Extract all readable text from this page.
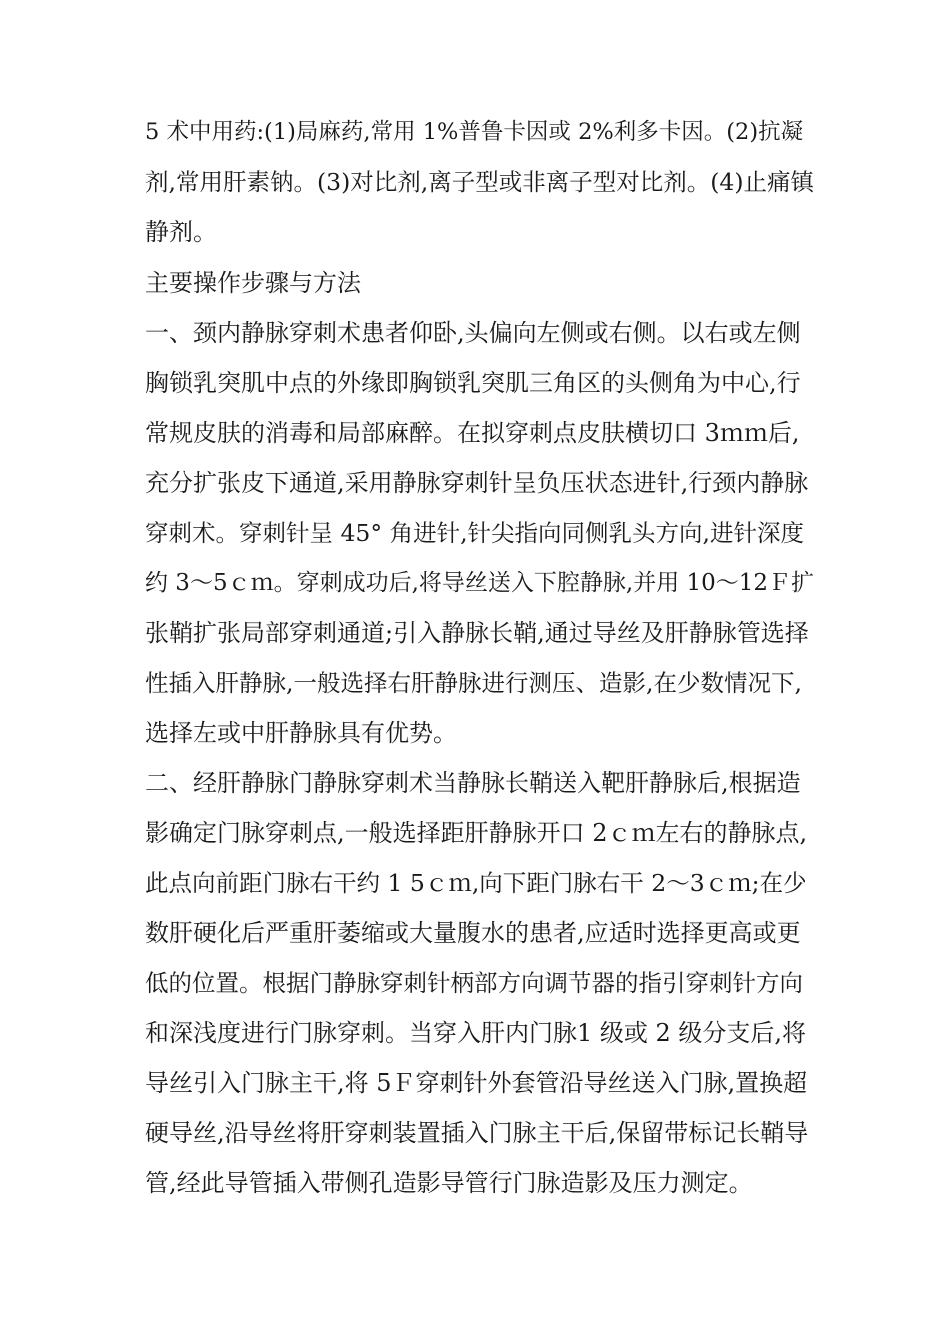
5 术中用药:(1)局麻药,常用 1%普鲁卡因或 2%利多卡因。(2)抗凝
剂,常用肝素钠。(3)对比剂,离子型或非离子型对比剂。(4)止痛镇
静剂。
主要操作步骤与方法
一、颈内静脉穿刺术患者仰卧,头偏向左侧或右侧。以右或左侧
胸锁乳突肌中点的外缘即胸锁乳突肌三角区的头侧角为中心,行
常规皮肤的消毒和局部麻醉。在拟穿刺点皮肤横切口 3ｍｍ后,
充分扩张皮下通道,采用静脉穿刺针呈负压状态进针,行颈内静脉
穿刺术。穿刺针呈 45° 角进针,针尖指向同侧乳头方向,进针深度
约 3～5ｃｍ。穿刺成功后,将导丝送入下腔静脉,并用 10～12Ｆ扩
张鞘扩张局部穿刺通道;引入静脉长鞘,通过导丝及肝静脉管选择
性插入肝静脉,一般选择右肝静脉进行测压、造影,在少数情况下,
选择左或中肝静脉具有优势。
二、经肝静脉门静脉穿刺术当静脉长鞘送入靶肝静脉后,根据造
影确定门脉穿刺点,一般选择距肝静脉开口 2ｃｍ左右的静脉点,
此点向前距门脉右干约 1 5ｃｍ,向下距门脉右干 2～3ｃｍ;在少
数肝硬化后严重肝萎缩或大量腹水的患者,应适时选择更高或更
低的位置。根据门静脉穿刺针柄部方向调节器的指引穿刺针方向
和深浅度进行门脉穿刺。当穿入肝内门脉1 级或 2 级分支后,将
导丝引入门脉主干,将 5Ｆ穿刺针外套管沿导丝送入门脉,置换超
硬导丝,沿导丝将肝穿刺装置插入门脉主干后,保留带标记长鞘导
管,经此导管插入带侧孔造影导管行门脉造影及压力测定。
